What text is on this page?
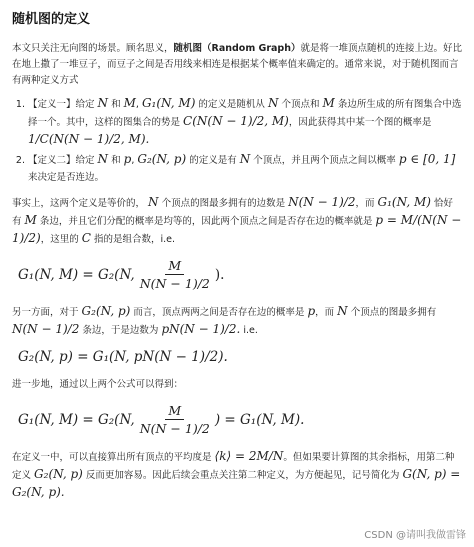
随机图的定义

本文只关注无向图的场景。顾名思义，随机图（Random Graph）就是将一堆顶点随机的连接上边。好比在地上撒了一堆豆子，而豆子之间是否用线来相连是根据某个概率值来确定的。通常来说，对于随机图而言有两种定义方式

1. 【定义一】给定 N 和 M, G₁(N, M) 的定义是随机从 N 个顶点和 M 条边所生成的所有图集合中选择一个。其中，这样的图集合的势是 C(N(N − 1)/2, M)，因此获得其中某一个图的概率是 1/C(N(N − 1)/2, M).
2. 【定义二】给定 N 和 p, G₂(N, p) 的定义是有 N 个顶点，并且两个顶点之间以概率 p ∈ [0, 1] 来决定是否连边。

事实上，这两个定义是等价的， N 个顶点的图最多拥有的边数是 N(N − 1)/2，而 G₁(N, M) 恰好有 M 条边，并且它们分配的概率是均等的，因此两个顶点之间是否存在边的概率就是 p = M/(N(N − 1)/2)，这里的 C 指的是组合数，i.e.

G₁(N, M) = G₂(N, $\frac{M}{N(N - 1)/2}$ ).

另一方面，对于 G₂(N, p) 而言，顶点两两之间是否存在边的概率是 p，而 N 个顶点的图最多拥有 N(N − 1)/2 条边，于是边数为 pN(N − 1)/2. i.e.

G₂(N, p) = G₁(N, pN(N − 1)/2).

进一步地，通过以上两个公式可以得到：

G₁(N, M) = G₂(N, $\frac{M}{N(N - 1)/2}$ ) = G₁(N, M).

在定义一中，可以直接算出所有顶点的平均度是 ⟨k⟩ = 2M/N。但如果要计算图的其余指标，用第二种定义 G₂(N, p) 反而更加容易。因此后续会重点关注第二种定义，为方便起见，记号简化为 G(N, p) = G₂(N, p).

CSDN @请叫我做雷锋
